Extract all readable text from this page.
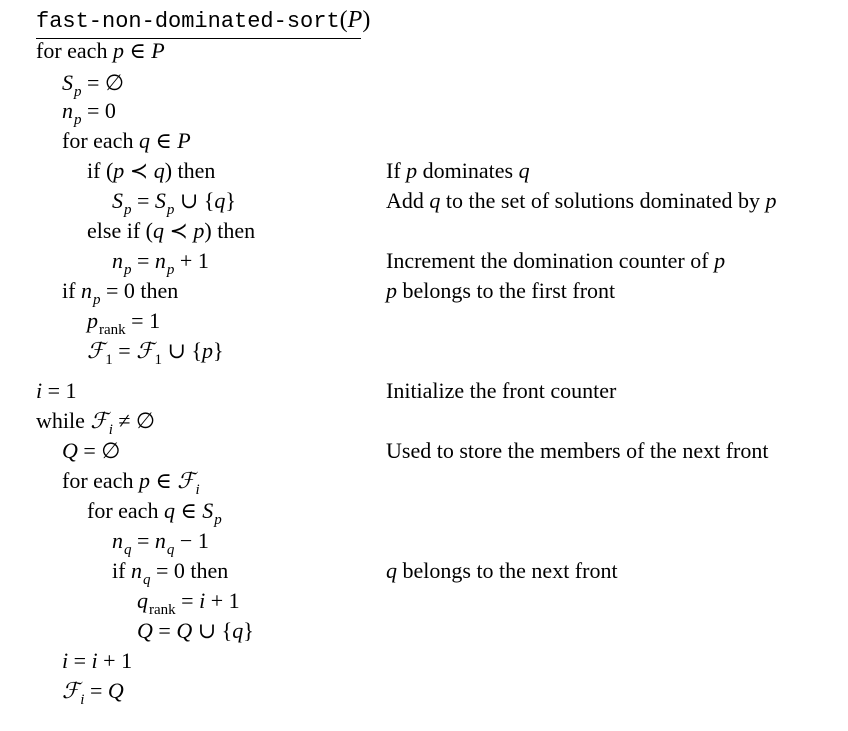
fast-non-dominated-sort(P)
for each p ∈ P
$S_p$ = ∅
$n_p = 0$
for each q ∈ P
if (p ≺ q) then	If p dominates q
$S_p = S_p$ ∪ {q}	Add q to the set of solutions dominated by p
else if (q ≺ p) then
$n_p = n_p + 1$	Increment the domination counter of p
if $n_p = 0$ then	p belongs to the first front
$p_{rank} = 1$
ℱ$_1$ = ℱ$_1$ ∪ {p}
i = 1	Initialize the front counter
while ℱ$_i$ ≠ ∅
Q = ∅	Used to store the members of the next front
for each p ∈ ℱ$_i$
for each q ∈ $S_p$
$n_q = n_q - 1$
if $n_q = 0$ then	q belongs to the next front
$q_{rank} = i + 1$
Q = Q ∪ {q}
i = i + 1
ℱ$_i$ = Q
